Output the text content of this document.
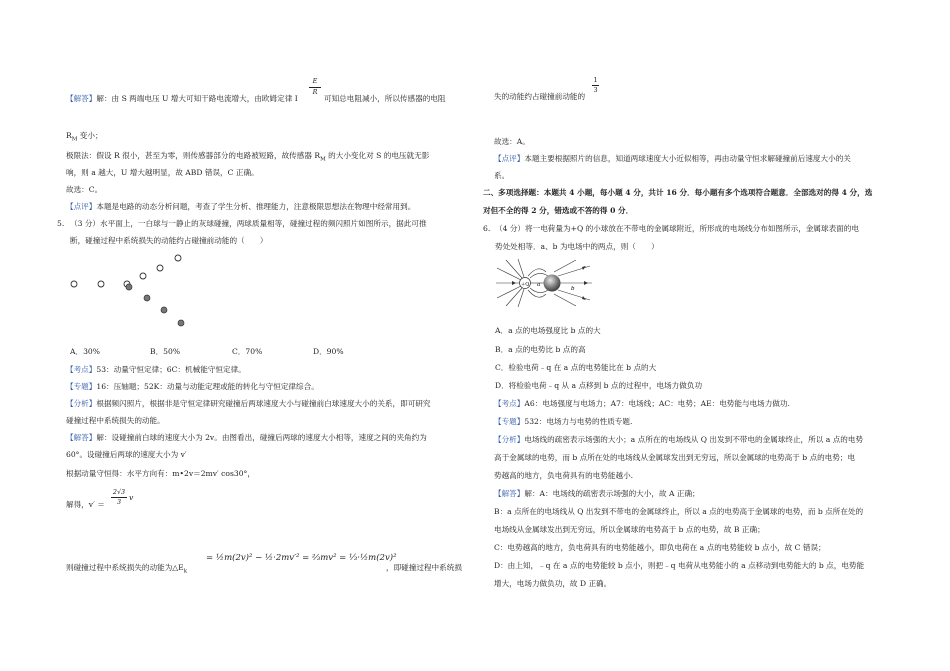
【解答】解：由 S 两端电压 U 增大可知干路电流增大，由欧姆定律 I
E
R
可知总电阻减小，所以传感器的电阻
$R_M$ 变小；
极限法：假设 R 很小，甚至为零，则传感器部分的电路被短路，故传感器 $R_M$ 的大小变化对 S 的电压就无影
响，则 a 越大，U 增大越明显，故 ABD 错误，C 正确。
故选：C。
【点评】本题是电路的动态分析问题，考查了学生分析、推理能力，注意极限思想法在物理中经常用到。
5. （3 分）水平面上，一白球与一静止的灰球碰撞，两球质量相等，碰撞过程的频闪照片如图所示，据此可推
断，碰撞过程中系统损失的动能约占碰撞前动能的（　　）
A．30%	B．50%	C．70%	D．90%
【考点】53：动量守恒定律；6C：机械能守恒定律。
【专题】16：压轴题；52K：动量与动能定理或能的转化与守恒定律综合。
【分析】根据频闪照片，根据非是守恒定律研究碰撞后两球速度大小与碰撞前白球速度大小的关系，即可研究
碰撞过程中系统损失的动能。
【解答】解：设碰撞前白球的速度大小为 2v。由图看出，碰撞后两球的速度大小相等，速度之间的夹角约为
60°。设碰撞后两球的速度大小为 v′
根据动量守恒得：水平方向有：m•2v＝2mv′ cos30°，
解得，v′ ＝
2√3
3	v
则碰撞过程中系统损失的动能为$\triangle E_k$
= ½m(2v)² − ½·2mv′² = ⅔mv² = ⅓·½m(2v)²
，即碰撞过程中系统损
失的动能约占碰撞前动能的
1
3
故选：A。
【点评】本题主要根据照片的信息，知道两球速度大小近似相等，再由动量守恒求解碰撞前后速度大小的关
系。
二、多项选择题：本题共 4 小题，每小题 4 分，共计 16 分．每小题有多个选项符合题意．全部选对的得 4 分，选
对但不全的得 2 分，错选或不答的得 0 分．
6. （4 分）将一电荷量为+Q 的小球放在不带电的金属球附近，所形成的电场线分布如图所示，金属球表面的电
势处处相等．a、b 为电场中的两点，则（　　）
+Q a
b
A．a 点的电场强度比 b 点的大
B．a 点的电势比 b 点的高
C．检验电荷﹣q 在 a 点的电势能比在 b 点的大
D．将检验电荷﹣q 从 a 点移到 b 点的过程中，电场力做负功
【考点】A6：电场强度与电场力；A7：电场线；AC：电势；AE：电势能与电场力做功.
【专题】532：电场力与电势的性质专题.
【分析】电场线的疏密表示场强的大小；a 点所在的电场线从 Q 出发到不带电的金属球终止，所以 a 点的电势
高于金属球的电势，而 b 点所在处的电场线从金属球发出到无穷远，所以金属球的电势高于 b 点的电势；电
势越高的地方，负电荷具有的电势能越小.
【解答】解：A：电场线的疏密表示场强的大小，故 A 正确；
B：a 点所在的电场线从 Q 出发到不带电的金属球终止，所以 a 点的电势高于金属球的电势，而 b 点所在处的
电场线从金属球发出到无穷远，所以金属球的电势高于 b 点的电势，故 B 正确；
C：电势越高的地方，负电荷具有的电势能越小，即负电荷在 a 点的电势能较 b 点小，故 C 错误；
D：由上知，﹣q 在 a 点的电势能较 b 点小，则把﹣q 电荷从电势能小的 a 点移动到电势能大的 b 点，电势能
增大，电场力做负功，故 D 正确。
